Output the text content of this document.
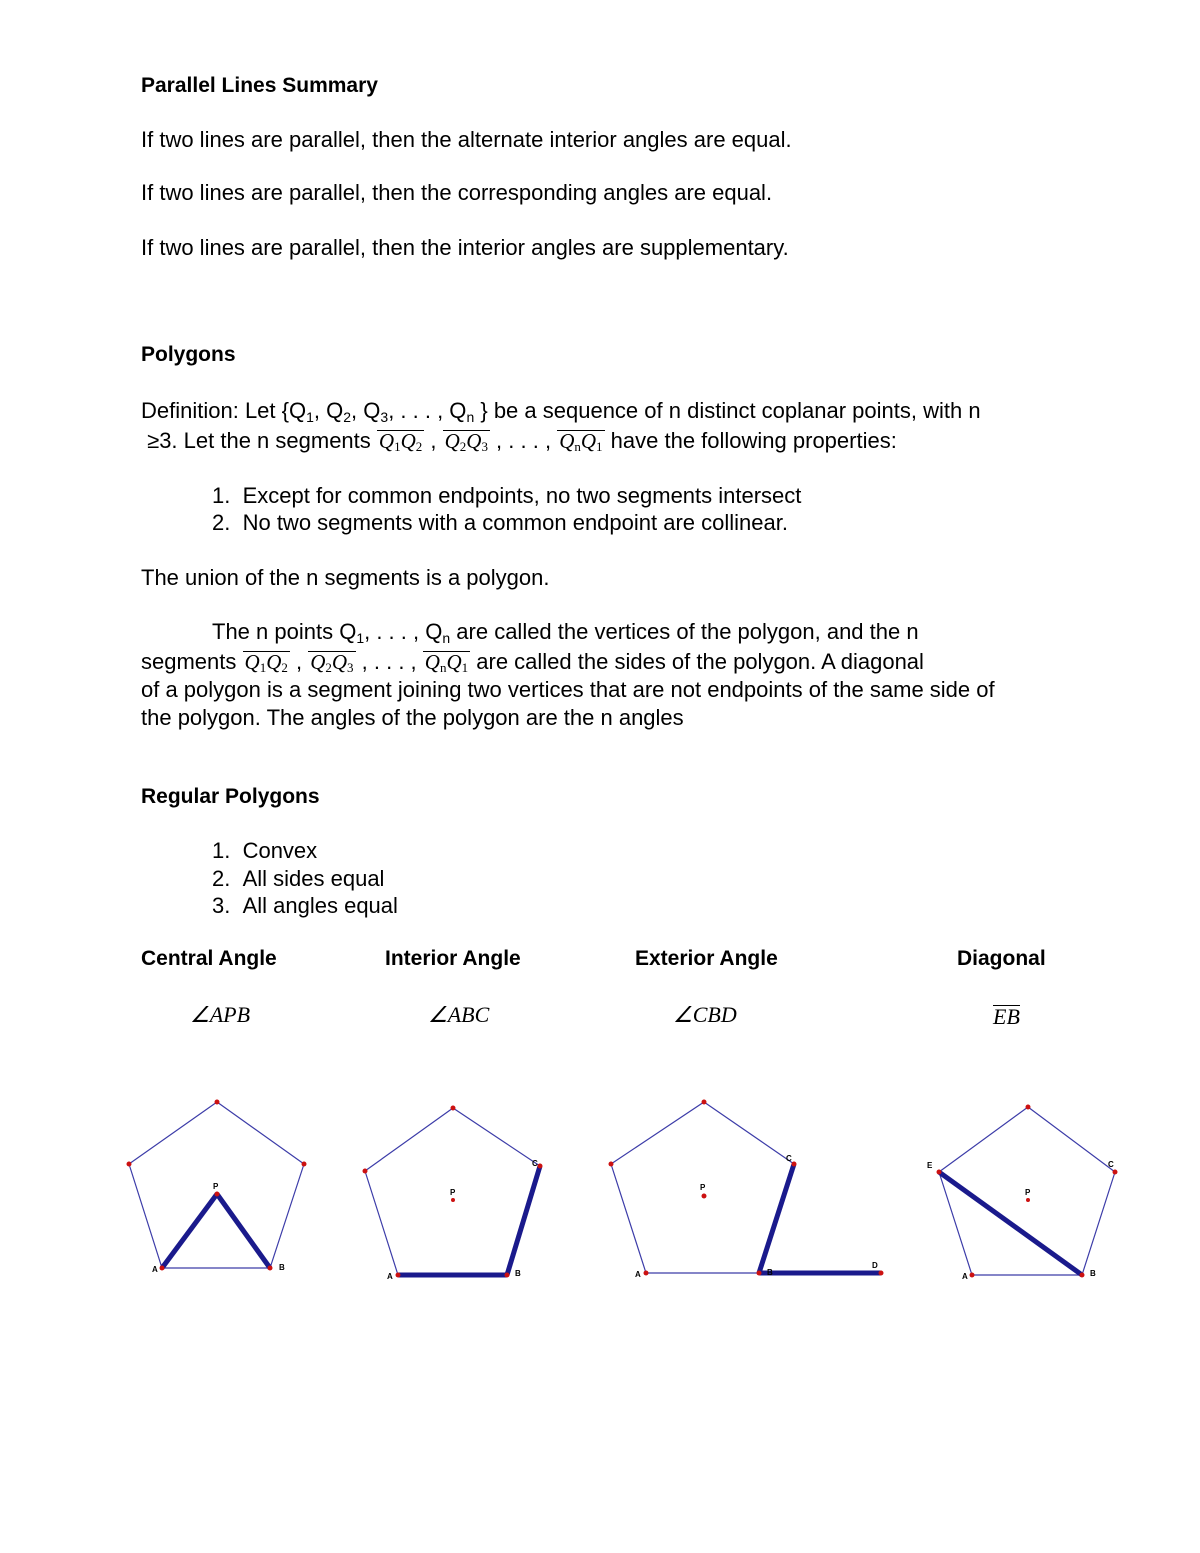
Parallel Lines Summary
If two lines are parallel, then the alternate interior angles are equal.
If two lines are parallel, then the corresponding angles are equal.
If two lines are parallel, then the interior angles are supplementary.
Polygons
Definition: Let {$Q_1$, $Q_2$, $Q_3$, . . . , $Q_n$ } be a sequence of n distinct coplanar points, with n
≥3. Let the n segments $Q_1Q_2$ , $Q_2Q_3$ , . . . , $Q_nQ_1$ have the following properties:
1.  Except for common endpoints, no two segments intersect
2.  No two segments with a common endpoint are collinear.
The union of the n segments is a polygon.
The n points $Q_1$, . . . , $Q_n$ are called the vertices of the polygon, and the n
segments $Q_1Q_2$ , $Q_2Q_3$ , . . . , $Q_nQ_1$ are called the sides of the polygon. A diagonal
of a polygon is a segment joining two vertices that are not endpoints of the same side of
the polygon. The angles of the polygon are the n angles
Regular Polygons
1.  Convex
2.  All sides equal
3.  All angles equal
Central Angle	Interior Angle	Exterior Angle	Diagonal
∠APB	∠ABC	∠CBD	EB
A	B
P
A	B
C
P
A	B
C
D
P
A	B
C
E
P
